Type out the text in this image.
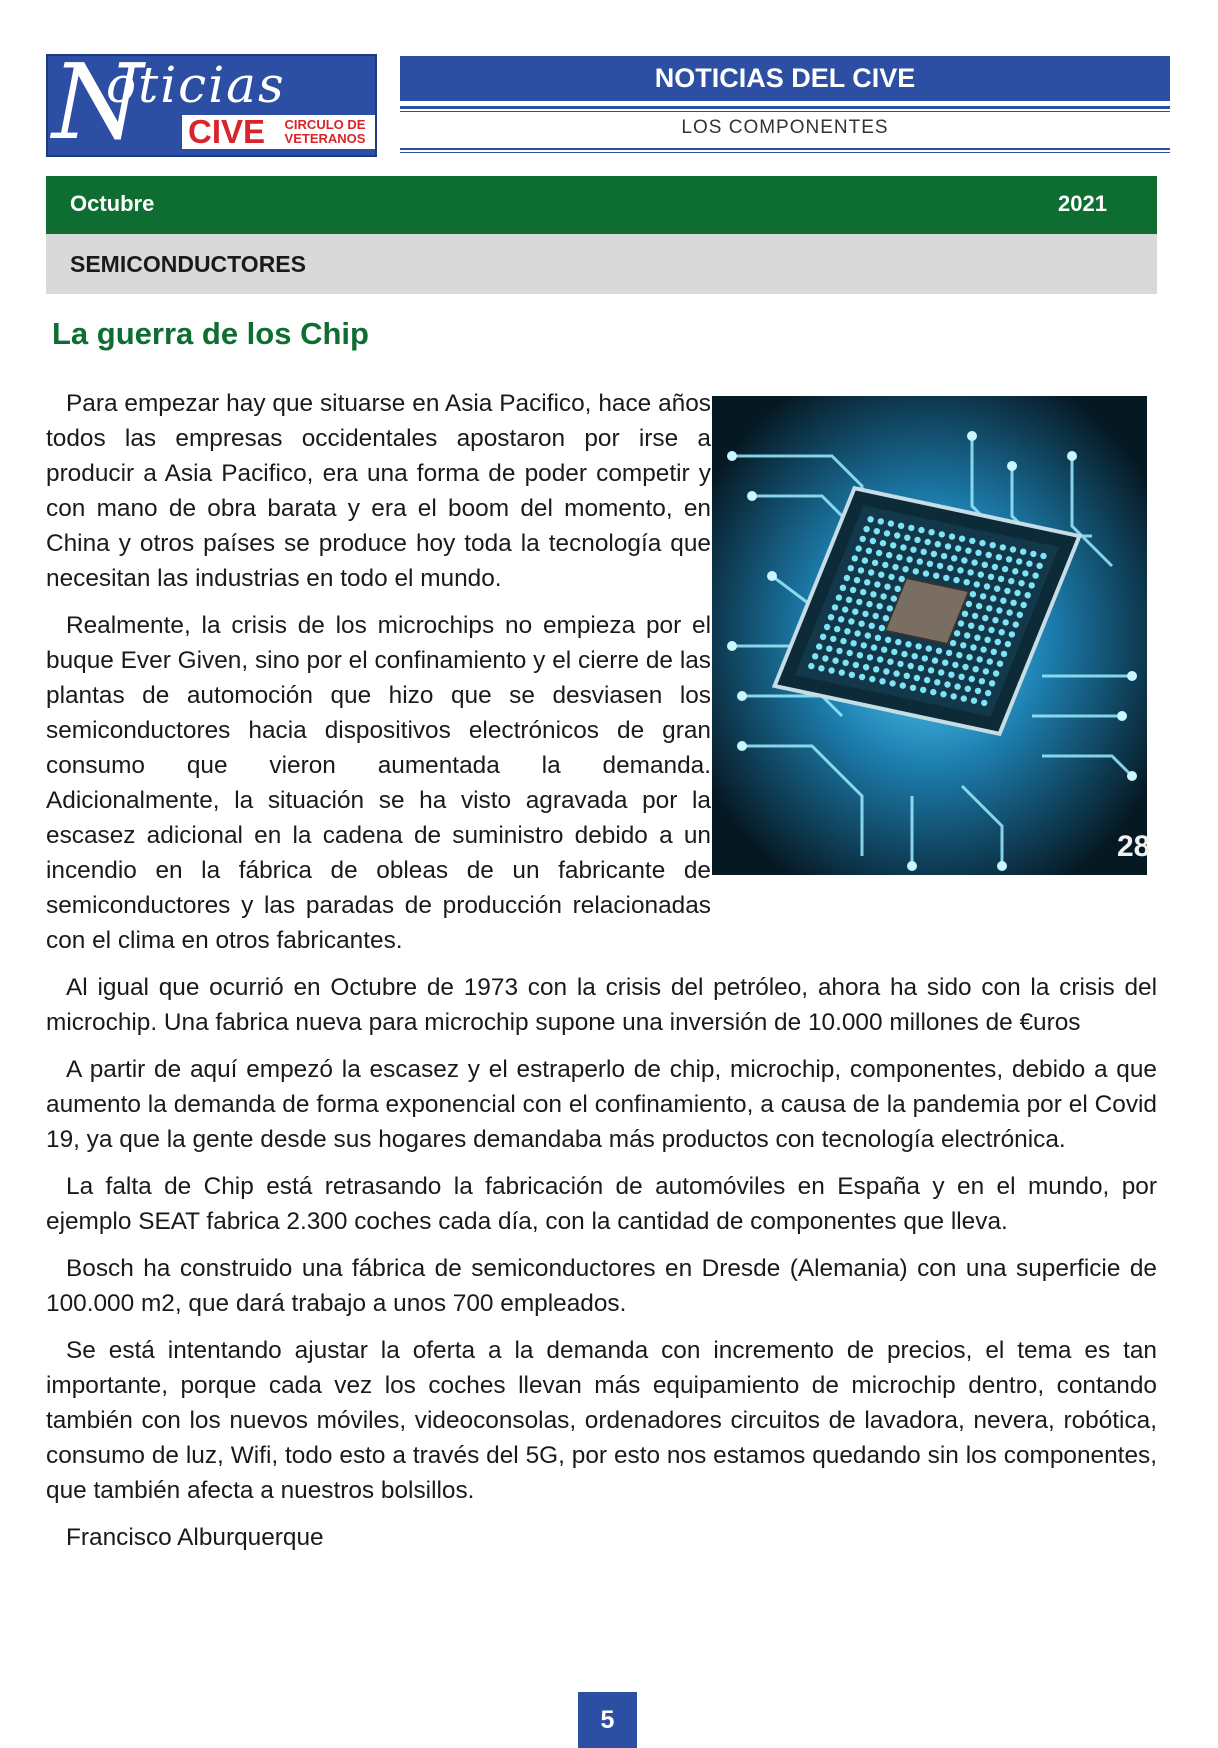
N
oticias
CIVE	CIRCULO DE VETERANOS
NOTICIAS DEL CIVE
LOS COMPONENTES
Octubre	2021
SEMICONDUCTORES
La guerra de los Chip

Para empezar hay que situarse en Asia Pacifico, hace años todos las empresas occidentales apostaron por irse a producir a Asia Pacifico, era una forma de poder competir y con mano de obra barata y era el boom del momento, en China y otros países se produce hoy toda la tecnología que necesitan las industrias en todo el mundo.

Realmente, la crisis de los microchips no empieza por el buque Ever Given, sino por el confinamiento y el cierre de las plantas de automoción que hizo que se desviasen los semiconductores hacia dispositivos electrónicos de gran consumo que vieron aumentada la demanda. Adicionalmente, la situación se ha visto agravada por la escasez adicional en la cadena de suministro debido a un incendio en la fábrica de obleas de un fabricante de semiconductores y las paradas de producción relacionadas con el clima en otros fabricantes.

Al igual que ocurrió en Octubre de 1973 con la crisis del petróleo, ahora ha sido con la crisis del microchip. Una fabrica nueva para microchip supone una inversión de 10.000 millones de €uros

A partir de aquí empezó la escasez y el estraperlo de chip, microchip, componentes, debido a que aumento la demanda de forma exponencial con el confinamiento, a causa de la pandemia por el Covid 19, ya que la gente desde sus hogares demandaba más productos con tecnología electrónica.

La falta de Chip está retrasando la fabricación de automóviles en España y en el mundo, por ejemplo SEAT fabrica 2.300 coches cada día, con la cantidad de componentes que lleva.

Bosch ha construido una fábrica de semiconductores en Dresde (Alemania) con una superficie de 100.000 m2, que dará trabajo a unos 700 empleados.

Se está intentando ajustar la oferta a la demanda con incremento de precios, el tema es tan importante, porque cada vez los coches llevan más equipamiento de microchip dentro, contando también con los nuevos móviles, videoconsolas, ordenadores circuitos de lavadora, nevera, robótica, consumo de luz, Wifi, todo esto a través del 5G, por esto nos estamos quedando sin los componentes, que también afecta a nuestros bolsillos.

Francisco Alburquerque

28
5
